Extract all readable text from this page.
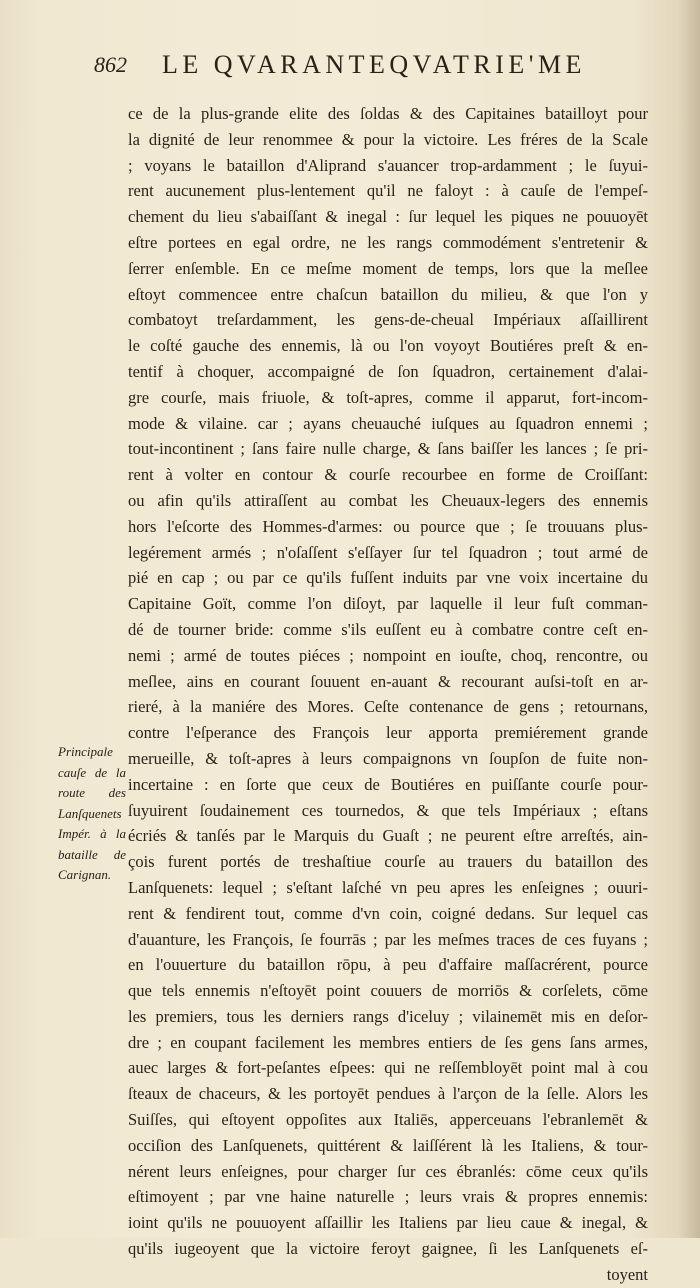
862 LE QVARANTEQVATRIE'ME
Principale
cauſe de la
route des
Lanſquenets
Impér. à la
bataille de
Carignan.
ce de la plus-grande elite des ſoldas & des Capitaines batailloyt pour
la dignité de leur renommee & pour la victoire. Les fréres de la Scale
; voyans le bataillon d'Aliprand s'auancer trop-ardamment ; le ſuyui-
rent aucunement plus-lentement qu'il ne faloyt : à cauſe de l'empeſ-
chement du lieu s'abaiſſant & inegal : ſur lequel les piques ne pouuoyēt
eſtre portees en egal ordre, ne les rangs commodément s'entretenir &
ſerrer enſemble. En ce meſme moment de temps, lors que la meſlee
eſtoyt commencee entre chaſcun bataillon du milieu, & que l'on y
combatoyt treſardamment, les gens-de-cheual Impériaux aſſaillirent
le coſté gauche des ennemis, là ou l'on voyoyt Boutiéres preſt & en-
tentif à choquer, accompaigné de ſon ſquadron, certainement d'alai-
gre courſe, mais friuole, & toſt-apres, comme il apparut, fort-incom-
mode & vilaine. car ; ayans cheuauché iuſques au ſquadron ennemi ;
tout-incontinent ; ſans faire nulle charge, & ſans baiſſer les lances ; ſe pri-
rent à volter en contour & courſe recourbee en forme de Croiſſant:
ou afin qu'ils attiraſſent au combat les Cheuaux-legers des ennemis
hors l'eſcorte des Hommes-d'armes: ou pource que ; ſe trouuans plus-
legérement armés ; n'oſaſſent s'eſſayer ſur tel ſquadron ; tout armé de
pié en cap ; ou par ce qu'ils fuſſent induits par vne voix incertaine du
Capitaine Goït, comme l'on diſoyt, par laquelle il leur fuſt comman-
dé de tourner bride: comme s'ils euſſent eu à combatre contre ceſt en-
nemi ; armé de toutes piéces ; nompoint en iouſte, choq, rencontre, ou
meſlee, ains en courant ſouuent en-auant & recourant auſsi-toſt en ar-
rieré, à la maniére des Mores. Ceſte contenance de gens ; retournans,
contre l'eſperance des François leur apporta premiérement grande
merueille, & toſt-apres à leurs compaignons vn ſoupſon de fuite non-
incertaine : en ſorte que ceux de Boutiéres en puiſſante courſe pour-
ſuyuirent ſoudainement ces tournedos, & que tels Impériaux ; eſtans
écriés & tanſés par le Marquis du Guaſt ; ne peurent eſtre arreſtés, ain-
çois furent portés de treshaſtiue courſe au trauers du bataillon des
Lanſquenets: lequel ; s'eſtant laſché vn peu apres les enſeignes ; ouuri-
rent & fendirent tout, comme d'vn coin, coigné dedans. Sur lequel cas
d'auanture, les François, ſe fourrās ; par les meſmes traces de ces fuyans ;
en l'ouuerture du bataillon rōpu, à peu d'affaire maſſacrérent, pource
que tels ennemis n'eſtoyēt point couuers de morriōs & corſelets, cōme
les premiers, tous les derniers rangs d'iceluy ; vilainemēt mis en deſor-
dre ; en coupant facilement les membres entiers de ſes gens ſans armes,
auec larges & fort-peſantes eſpees: qui ne reſſembloyēt point mal à cou
ſteaux de chaceurs, & les portoyēt pendues à l'arçon de la ſelle. Alors les
Suiſſes, qui eſtoyent oppoſites aux Italiēs, apperceuans l'ebranlemēt &
occiſion des Lanſquenets, quittérent & laiſſérent là les Italiens, & tour-
nérent leurs enſeignes, pour charger ſur ces ébranlés: cōme ceux qu'ils
eſtimoyent ; par vne haine naturelle ; leurs vrais & propres ennemis:
ioint qu'ils ne pouuoyent aſſaillir les Italiens par lieu caue & inegal, &
qu'ils iugeoyent que la victoire feroyt gaignee, ſi les Lanſquenets eſ-
toyent
